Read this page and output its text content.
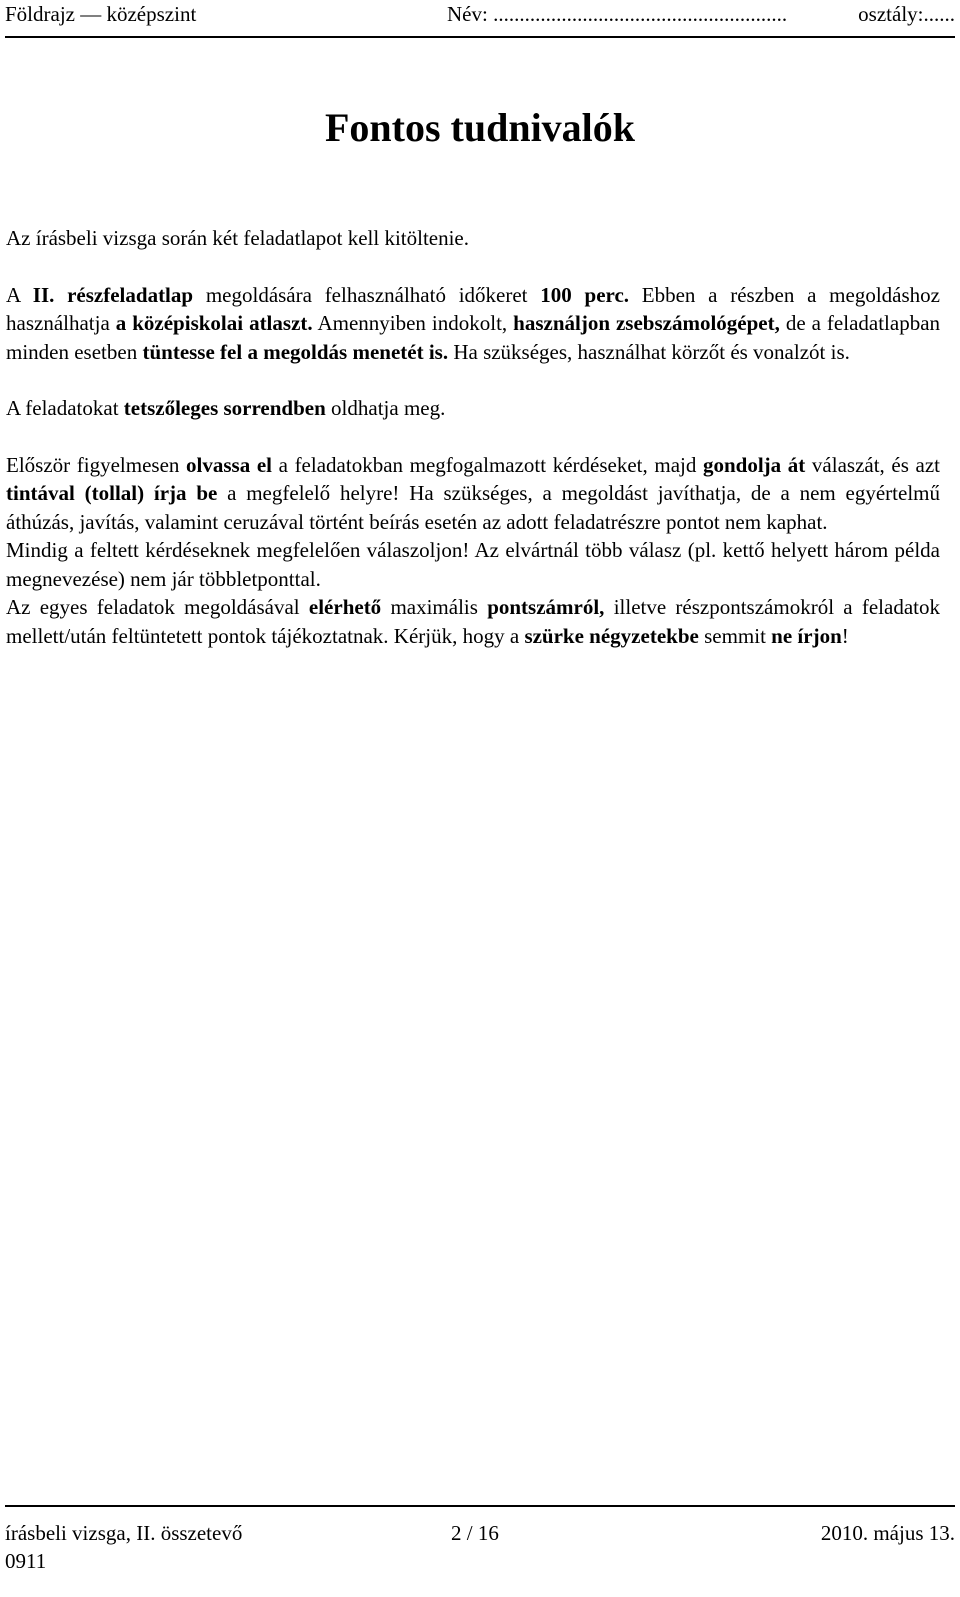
Földrajz — középszint	Név: ........................................................	osztály:......
Fontos tudnivalók

Az írásbeli vizsga során két feladatlapot kell kitöltenie.

A II. részfeladatlap megoldására felhasználható időkeret 100 perc. Ebben a részben a megoldáshoz használhatja a középiskolai atlaszt. Amennyiben indokolt, használjon zsebszámológépet, de a feladatlapban minden esetben tüntesse fel a megoldás menetét is. Ha szükséges, használhat körzőt és vonalzót is.

A feladatokat tetszőleges sorrendben oldhatja meg.

Először figyelmesen olvassa el a feladatokban megfogalmazott kérdéseket, majd gondolja át válaszát, és azt tintával (tollal) írja be a megfelelő helyre! Ha szükséges, a megoldást javíthatja, de a nem egyértelmű áthúzás, javítás, valamint ceruzával történt beírás esetén az adott feladatrészre pontot nem kaphat.

Mindig a feltett kérdéseknek megfelelően válaszoljon! Az elvártnál több válasz (pl. kettő helyett három példa megnevezése) nem jár többletponttal.

Az egyes feladatok megoldásával elérhető maximális pontszámról, illetve részpontszámokról a feladatok mellett/után feltüntetett pontok tájékoztatnak. Kérjük, hogy a szürke négyzetekbe semmit ne írjon!

írásbeli vizsga, II. összetevő	2 / 16	2010. május 13.
0911
